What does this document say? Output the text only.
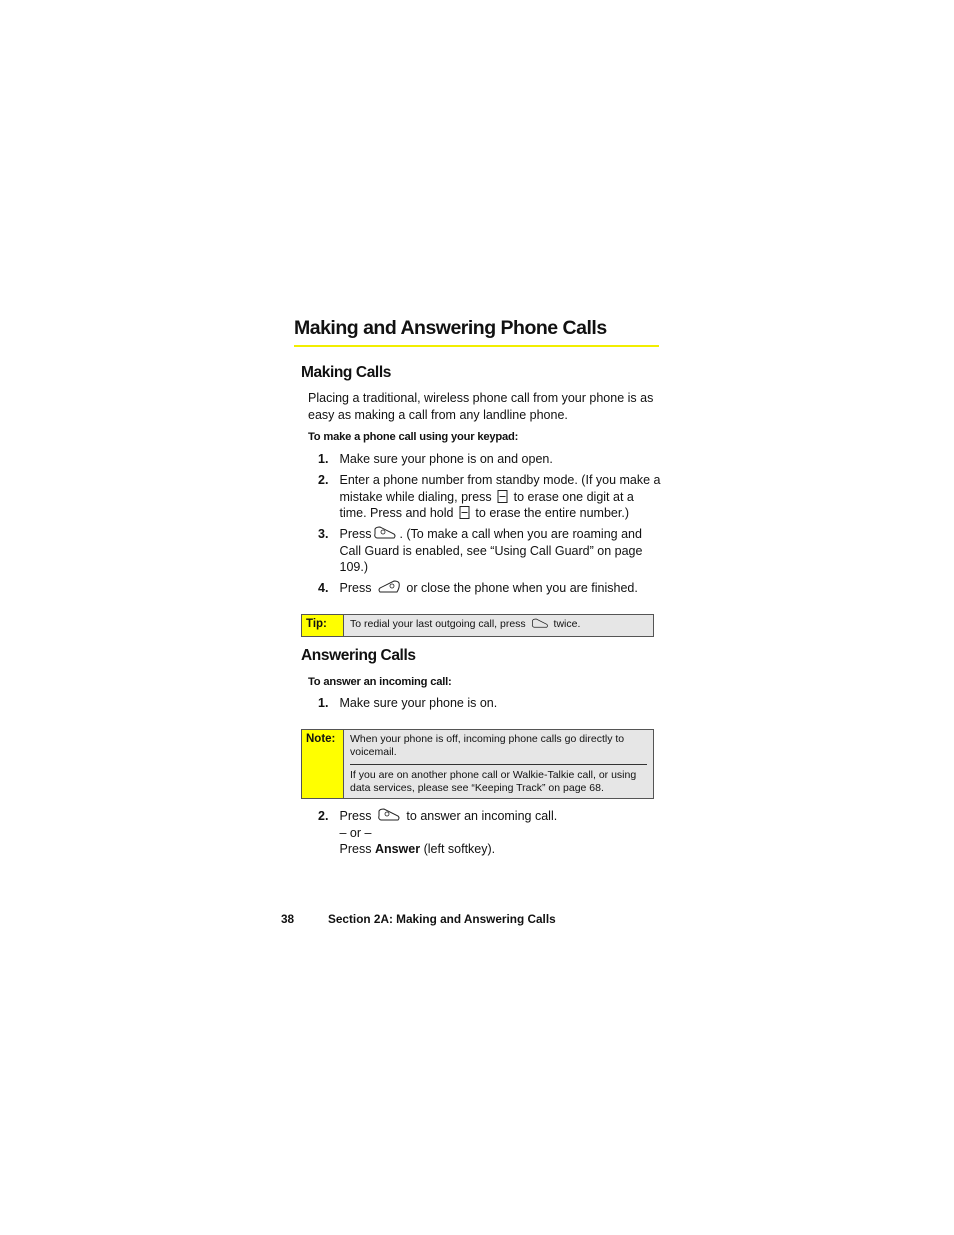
Making and Answering Phone Calls
Making Calls

Placing a traditional, wireless phone call from your phone is as easy as making a call from any landline phone.

To make a phone call using your keypad:

1. Make sure your phone is on and open.
2. Enter a phone number from standby mode. (If you make a mistake while dialing, press to erase one digit at a time. Press and hold to erase the entire number.)
3. Press . (To make a call when you are roaming and Call Guard is enabled, see “Using Call Guard” on page 109.)
4. Press	or close the phone when you are finished.
Tip:	To redial your last outgoing call, press	twice.
Answering Calls

To answer an incoming call:

1. Make sure your phone is on.
Note:	When your phone is off, incoming phone calls go directly to voicemail.

If you are on another phone call or Walkie-Talkie call, or using data services, please see “Keeping Track” on page 68.

2. Press	to answer an incoming call.
– or –
Press Answer (left softkey).
38	Section 2A: Making and Answering Calls
